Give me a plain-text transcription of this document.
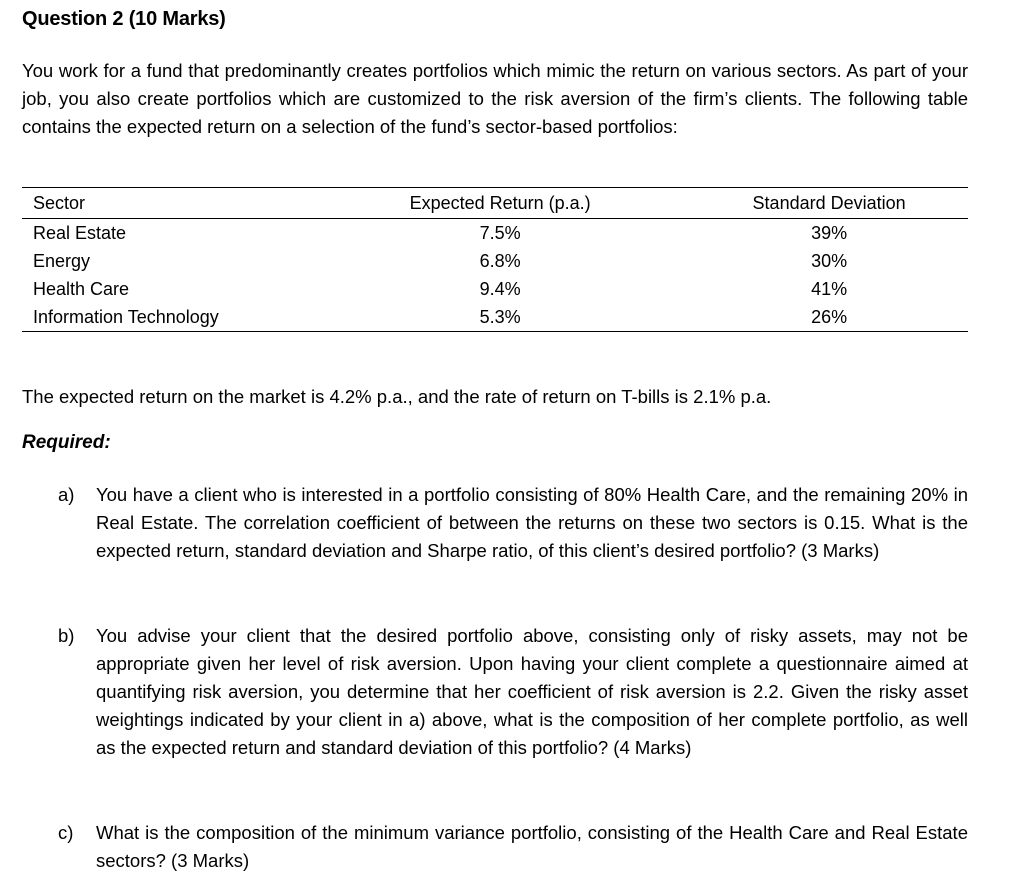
Question 2 (10 Marks)
You work for a fund that predominantly creates portfolios which mimic the return on various sectors. As part of your job, you also create portfolios which are customized to the risk aversion of the firm’s clients. The following table contains the expected return on a selection of the fund’s sector-based portfolios:
Sector	Expected Return (p.a.)	Standard Deviation
Real Estate	7.5%	39%
Energy	6.8%	30%
Health Care	9.4%	41%
Information Technology	5.3%	26%
The expected return on the market is 4.2% p.a., and the rate of return on T-bills is 2.1% p.a.
Required:
a)	You have a client who is interested in a portfolio consisting of 80% Health Care, and the remaining 20% in Real Estate. The correlation coefficient of between the returns on these two sectors is 0.15. What is the expected return, standard deviation and Sharpe ratio, of this client’s desired portfolio? (3 Marks)
b)	You advise your client that the desired portfolio above, consisting only of risky assets, may not be appropriate given her level of risk aversion. Upon having your client complete a questionnaire aimed at quantifying risk aversion, you determine that her coefficient of risk aversion is 2.2. Given the risky asset weightings indicated by your client in a) above, what is the composition of her complete portfolio, as well as the expected return and standard deviation of this portfolio? (4 Marks)
c)	What is the composition of the minimum variance portfolio, consisting of the Health Care and Real Estate sectors? (3 Marks)
